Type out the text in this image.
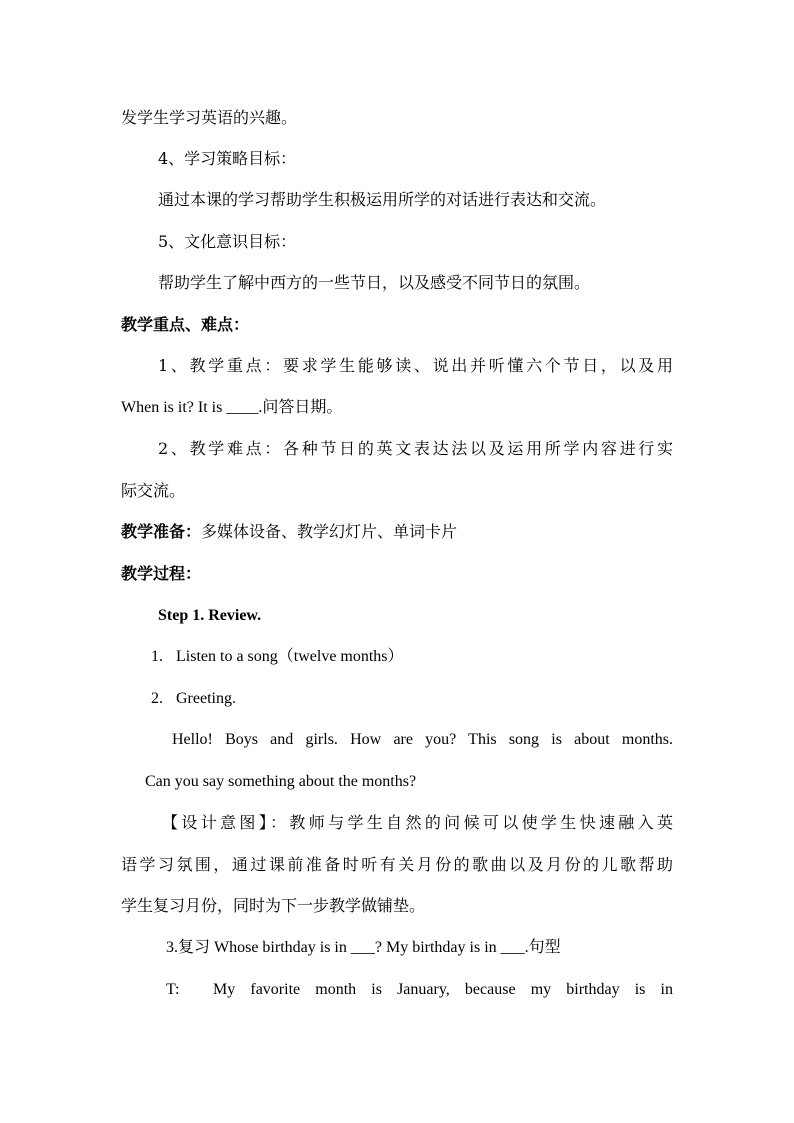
发学生学习英语的兴趣。
4、学习策略目标：
通过本课的学习帮助学生积极运用所学的对话进行表达和交流。
5、文化意识目标：
帮助学生了解中西方的一些节日，以及感受不同节日的氛围。
教学重点、难点：
1、教学重点：要求学生能够读、说出并听懂六个节日，以及用
When is it? It is ____.问答日期。
2、教学难点：各种节日的英文表达法以及运用所学内容进行实
际交流。
教学准备：多媒体设备、教学幻灯片、单词卡片
教学过程：
Step 1. Review.
1. Listen to a song（twelve months）
2. Greeting.
Hello! Boys and girls. How are you? This song is about months.
Can you say something about the months?
【设计意图】：教师与学生自然的问候可以使学生快速融入英
语学习氛围，通过课前准备时听有关月份的歌曲以及月份的儿歌帮助
学生复习月份，同时为下一步教学做铺垫。
3.复习 Whose birthday is in ___? My birthday is in ___.句型
T: My favorite month is January, because my birthday is in
